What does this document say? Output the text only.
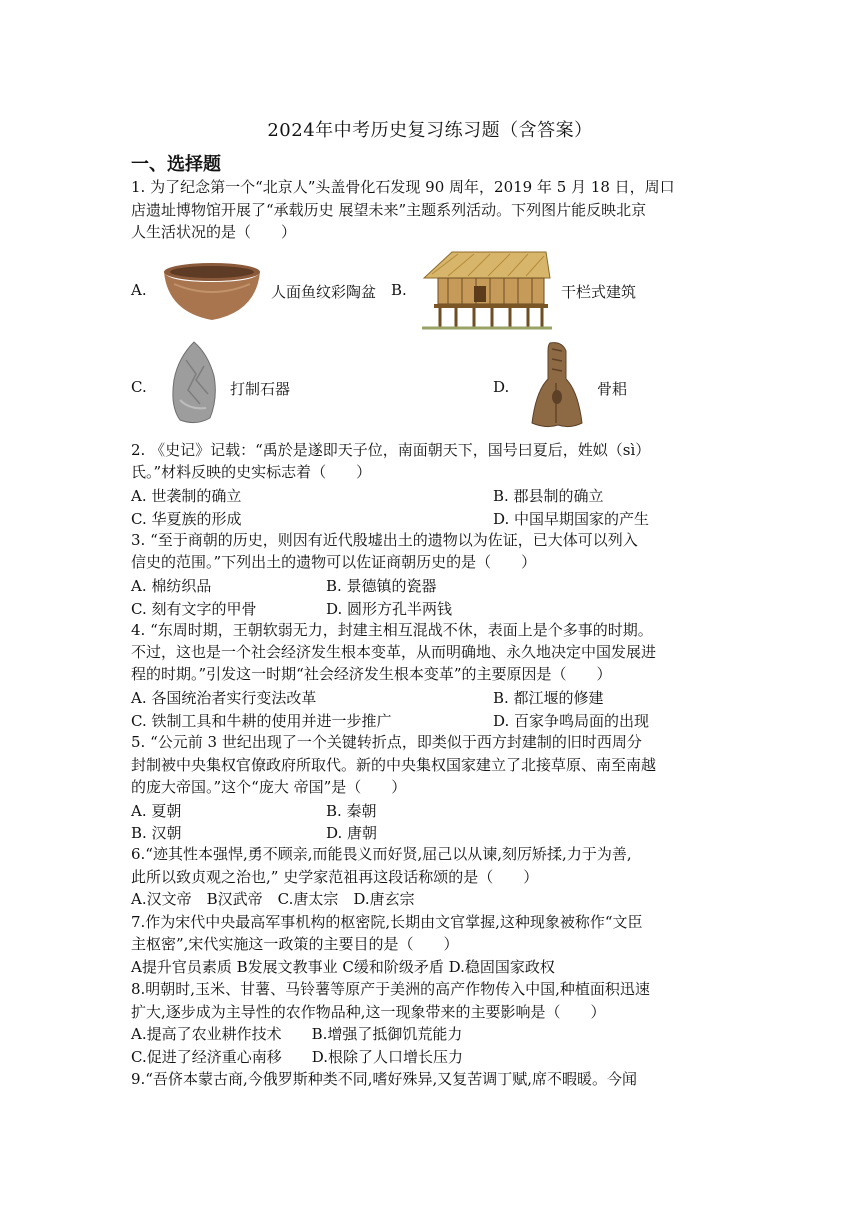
2024年中考历史复习练习题（含答案）
一、选择题
1. 为了纪念第一个“北京人”头盖骨化石发现 90 周年，2019 年 5 月 18 日，周口
店遗址博物馆开展了“承载历史 展望未来”主题系列活动。下列图片能反映北京
人生活状况的是（　　）
A.	人面鱼纹彩陶盆 B.	干栏式建筑
C.	打制石器	D.	骨耜
2. 《史记》记载：“禹於是遂即天子位，南面朝天下，国号曰夏后，姓姒（sì）
氏。”材料反映的史实标志着（　　）
A. 世袭制的确立	B. 郡县制的确立
C. 华夏族的形成	D. 中国早期国家的产生
3. “至于商朝的历史，则因有近代殷墟出土的遗物以为佐证，已大体可以列入
信史的范围。”下列出土的遗物可以佐证商朝历史的是（　　）
A. 棉纺织品	B. 景德镇的瓷器
C. 刻有文字的甲骨	D. 圆形方孔半两钱
4. “东周时期，王朝软弱无力，封建主相互混战不休，表面上是个多事的时期。
不过，这也是一个社会经济发生根本变革，从而明确地、永久地决定中国发展进
程的时期。”引发这一时期“社会经济发生根本变革”的主要原因是（　　）
A. 各国统治者实行变法改革	B. 都江堰的修建
C. 铁制工具和牛耕的使用并进一步推广	D. 百家争鸣局面的出现
5. “公元前 3 世纪出现了一个关键转折点，即类似于西方封建制的旧时西周分
封制被中央集权官僚政府所取代。新的中央集权国家建立了北接草原、南至南越
的庞大帝国。”这个“庞大 帝国”是（　　）
A. 夏朝	B. 秦朝
B. 汉朝	D. 唐朝
6.“迹其性本强悍,勇不顾亲,而能畏义而好贤,屈己以从谏,刻厉矫揉,力于为善,
此所以致贞观之治也,” 史学家范祖再这段话称颂的是（　　）
A.汉文帝　B汉武帝　C.唐太宗　D.唐玄宗
7.作为宋代中央最高军事机构的枢密院,长期由文官掌握,这种现象被称作“文臣
主枢密”,宋代实施这一政策的主要目的是（　　）
A提升官员素质 B发展文教事业 C缓和阶级矛盾 D.稳固国家政权
8.明朝时,玉米、甘薯、马铃薯等原产于美洲的高产作物传入中国,种植面积迅速
扩大,逐步成为主导性的农作物品种,这一现象带来的主要影响是（　　）
A.提高了农业耕作技术　　B.增强了抵御饥荒能力
C.促进了经济重心南移　　D.根除了人口增长压力
9.“吾侪本蒙古商,今俄罗斯种类不同,嗜好殊异,又复苦调丁赋,席不暇暖。今闻
